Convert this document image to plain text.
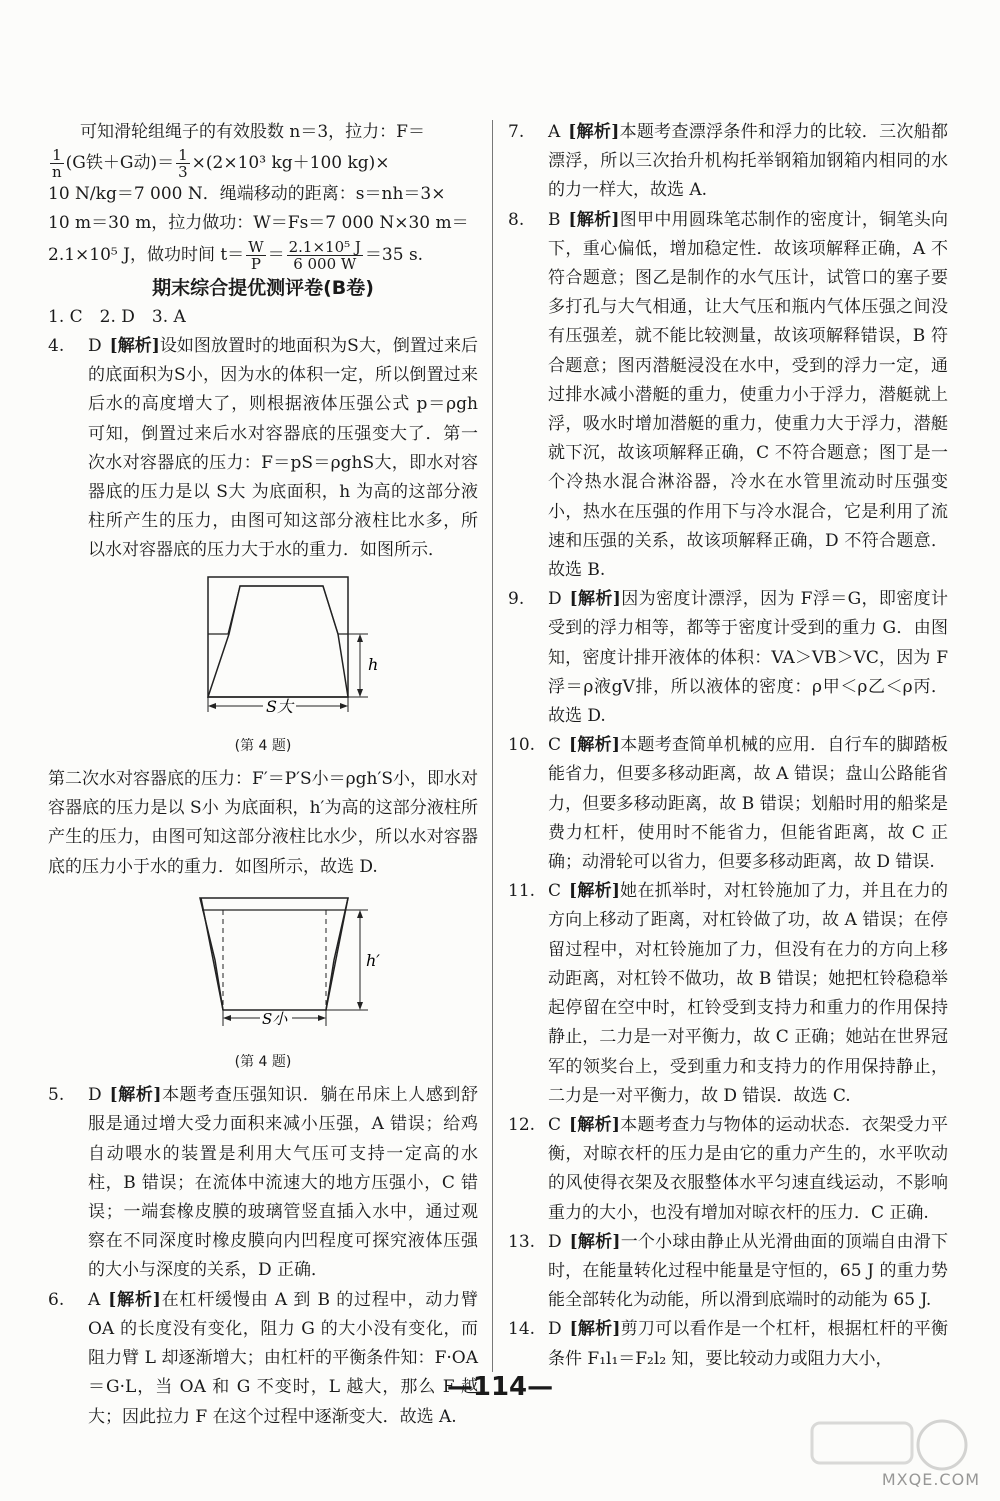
可知滑轮组绳子的有效股数 n＝3，拉力：F＝

$\frac{1}{n} (G$铁＋G动)＝ $\frac{1}{3} \times(2\times 10^3$ kg＋100 kg)×
10 N/kg＝7 000 N．绳端移动的距离：s＝nh＝3×
10 m＝30 m，拉力做功：W＝Fs＝7 000 N×30 m＝
2.1×10⁵ J，做功时间 $t= \frac{W}{P} = \frac{\text{2.1×10⁵ J}}{6 000 W} =35$ s.

期末综合提优测评卷(B卷)

1. C　2. D　3. A

4. D [解析]设如图放置时的地面积为S大，倒置过来后的底面积为S小，因为水的体积一定，所以倒置过来后水的高度增大了，则根据液体压强公式 p＝ρgh 可知，倒置过来后水对容器底的压强变大了．第一次水对容器底的压力：F＝pS＝ρghS大，即水对容器底的压力是以 S大 为底面积，h 为高的这部分液柱所产生的压力，由图可知这部分液柱比水多，所以水对容器底的压力大于水的重力．如图所示．
h
S大
(第 4 题)

第二次水对容器底的压力：F′＝P′S小＝ρgh′S小，即水对容器底的压力是以 S小 为底面积，h′为高的这部分液柱所产生的压力，由图可知这部分液柱比水少，所以水对容器底的压力小于水的重力．如图所示，故选 D.

h′
S小
(第 4 题)
5. D [解析]本题考查压强知识．躺在吊床上人感到舒服是通过增大受力面积来减小压强，A 错误；给鸡自动喂水的装置是利用大气压可支持一定高的水柱，B 错误；在流体中流速大的地方压强小，C 错误；一端套橡皮膜的玻璃管竖直插入水中，通过观察在不同深度时橡皮膜向内凹程度可探究液体压强的大小与深度的关系，D 正确．
6. A [解析]在杠杆缓慢由 A 到 B 的过程中，动力臂 OA 的长度没有变化，阻力 G 的大小没有变化，而阻力臂 L 却逐渐增大；由杠杆的平衡条件知：F·OA＝G·L，当 OA 和 G 不变时，L 越大，那么 F 越大；因此拉力 F 在这个过程中逐渐变大．故选 A.
7. A [解析]本题考查漂浮条件和浮力的比较．三次船都漂浮，所以三次抬升机构托举钢箱加钢箱内相同的水的力一样大，故选 A.
8. B [解析]图甲中用圆珠笔芯制作的密度计，铜笔头向下，重心偏低，增加稳定性．故该项解释正确，A 不符合题意；图乙是制作的水气压计，试管口的塞子要多打孔与大气相通，让大气压和瓶内气体压强之间没有压强差，就不能比较测量，故该项解释错误，B 符合题意；图丙潜艇浸没在水中，受到的浮力一定，通过排水减小潜艇的重力，使重力小于浮力，潜艇就上浮，吸水时增加潜艇的重力，使重力大于浮力，潜艇就下沉，故该项解释正确，C 不符合题意；图丁是一个冷热水混合淋浴器，冷水在水管里流动时压强变小，热水在压强的作用下与冷水混合，它是利用了流速和压强的关系，故该项解释正确，D 不符合题意．故选 B.
9. D [解析]因为密度计漂浮，因为 F浮＝G，即密度计受到的浮力相等，都等于密度计受到的重力 G．由图知，密度计排开液体的体积：VA＞VB＞VC，因为 F浮＝ρ液gV排，所以液体的密度：ρ甲＜ρ乙＜ρ丙．故选 D.
10. C [解析]本题考查简单机械的应用．自行车的脚踏板能省力，但要多移动距离，故 A 错误；盘山公路能省力，但要多移动距离，故 B 错误；划船时用的船桨是费力杠杆，使用时不能省力，但能省距离，故 C 正确；动滑轮可以省力，但要多移动距离，故 D 错误.
11. C [解析]她在抓举时，对杠铃施加了力，并且在力的方向上移动了距离，对杠铃做了功，故 A 错误；在停留过程中，对杠铃施加了力，但没有在力的方向上移动距离，对杠铃不做功，故 B 错误；她把杠铃稳稳举起停留在空中时，杠铃受到支持力和重力的作用保持静止，二力是一对平衡力，故 C 正确；她站在世界冠军的领奖台上，受到重力和支持力的作用保持静止，二力是一对平衡力，故 D 错误．故选 C.
12. C [解析]本题考查力与物体的运动状态．衣架受力平衡，对晾衣杆的压力是由它的重力产生的，水平吹动的风使得衣架及衣服整体水平匀速直线运动，不影响重力的大小，也没有增加对晾衣杆的压力．C 正确.
13. D [解析]一个小球由静止从光滑曲面的顶端自由滑下时，在能量转化过程中能量是守恒的，65 J 的重力势能全部转化为动能，所以滑到底端时的动能为 65 J.
14. D [解析]剪刀可以看作是一个杠杆，根据杠杆的平衡条件 F₁l₁＝F₂l₂ 知，要比较动力或阻力大小，
—114—
MXQE.COM
